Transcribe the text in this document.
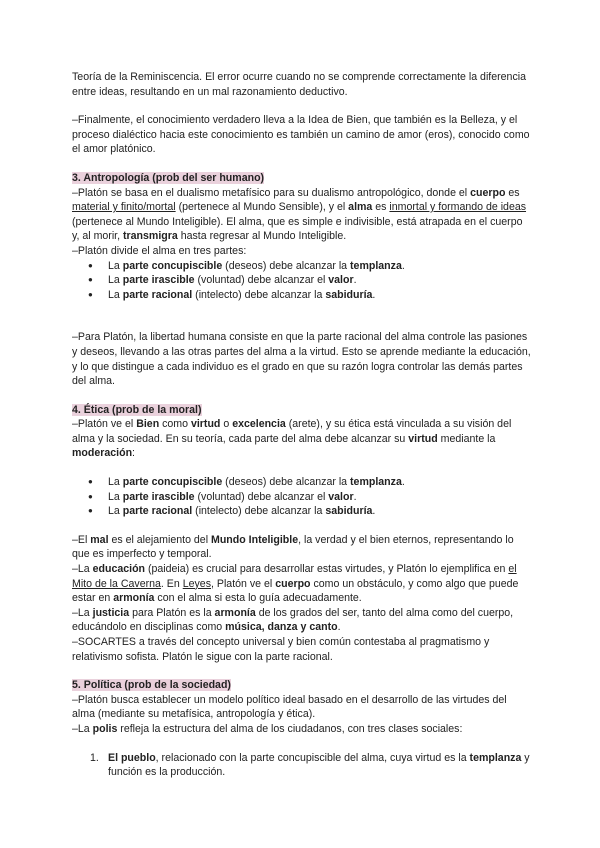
Teoría de la Reminiscencia. El error ocurre cuando no se comprende correctamente la diferencia entre ideas, resultando en un mal razonamiento deductivo.

–Finalmente, el conocimiento verdadero lleva a la Idea de Bien, que también es la Belleza, y el proceso dialéctico hacia este conocimiento es también un camino de amor (eros), conocido como el amor platónico.

3. Antropología (prob del ser humano)

–Platón se basa en el dualismo metafísico para su dualismo antropológico, donde el cuerpo es material y finito/mortal (pertenece al Mundo Sensible), y el alma es inmortal y formando de ideas (pertenece al Mundo Inteligible). El alma, que es simple e indivisible, está atrapada en el cuerpo y, al morir, transmigra hasta regresar al Mundo Inteligible.

–Platón divide el alma en tres partes:

● La parte concupiscible (deseos) debe alcanzar la templanza.
● La parte irascible (voluntad) debe alcanzar el valor.
● La parte racional (intelecto) debe alcanzar la sabiduría.

–Para Platón, la libertad humana consiste en que la parte racional del alma controle las pasiones y deseos, llevando a las otras partes del alma a la virtud. Esto se aprende mediante la educación, y lo que distingue a cada individuo es el grado en que su razón logra controlar las demás partes del alma.

4. Ética (prob de la moral)

–Platón ve el Bien como virtud o excelencia (arete), y su ética está vinculada a su visión del alma y la sociedad. En su teoría, cada parte del alma debe alcanzar su virtud mediante la moderación:

● La parte concupiscible (deseos) debe alcanzar la templanza.
● La parte irascible (voluntad) debe alcanzar el valor.
● La parte racional (intelecto) debe alcanzar la sabiduría.

–El mal es el alejamiento del Mundo Inteligible, la verdad y el bien eternos, representando lo que es imperfecto y temporal.

–La educación (paideia) es crucial para desarrollar estas virtudes, y Platón lo ejemplifica en el Mito de la Caverna. En Leyes, Platón ve el cuerpo como un obstáculo, y como algo que puede estar en armonía con el alma si esta lo guía adecuadamente.

–La justicia para Platón es la armonía de los grados del ser, tanto del alma como del cuerpo, educándolo en disciplinas como música, danza y canto.

–SOCARTES a través del concepto universal y bien común contestaba al pragmatismo y relativismo sofista. Platón le sigue con la parte racional.

5. Política (prob de la sociedad)

–Platón busca establecer un modelo político ideal basado en el desarrollo de las virtudes del alma (mediante su metafísica, antropología y ética).

–La polis refleja la estructura del alma de los ciudadanos, con tres clases sociales:

1. El pueblo, relacionado con la parte concupiscible del alma, cuya virtud es la templanza y función es la producción.
